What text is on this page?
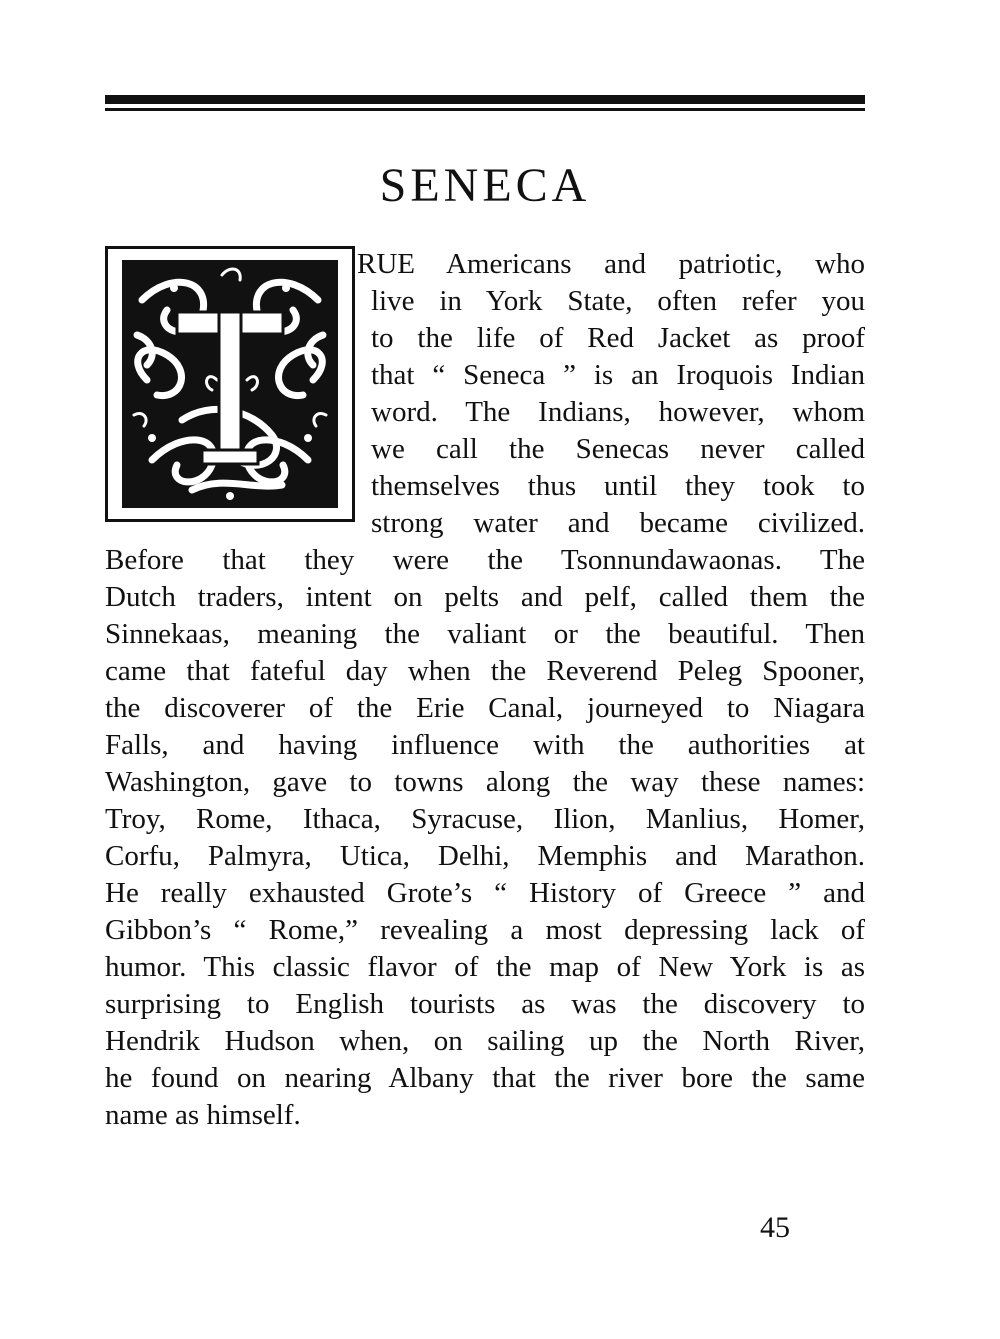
SENECA
RUE Americans and patriotic, who
live in York State, often refer you
to the life of Red Jacket as proof
that “ Seneca ” is an Iroquois Indian
word. The Indians, however, whom
we call the Senecas never called
themselves thus until they took to
strong water and became civilized.
Before that they were the Tsonnundawaonas. The
Dutch traders, intent on pelts and pelf, called them the
Sinnekaas, meaning the valiant or the beautiful. Then
came that fateful day when the Reverend Peleg Spooner,
the discoverer of the Erie Canal, journeyed to Niagara
Falls, and having influence with the authorities at
Washington, gave to towns along the way these names:
Troy, Rome, Ithaca, Syracuse, Ilion, Manlius, Homer,
Corfu, Palmyra, Utica, Delhi, Memphis and Marathon.
He really exhausted Grote’s “ History of Greece ” and
Gibbon’s “ Rome,” revealing a most depressing lack of
humor. This classic flavor of the map of New York is as
surprising to English tourists as was the discovery to
Hendrik Hudson when, on sailing up the North River,
he found on nearing Albany that the river bore the same
name as himself.
45
